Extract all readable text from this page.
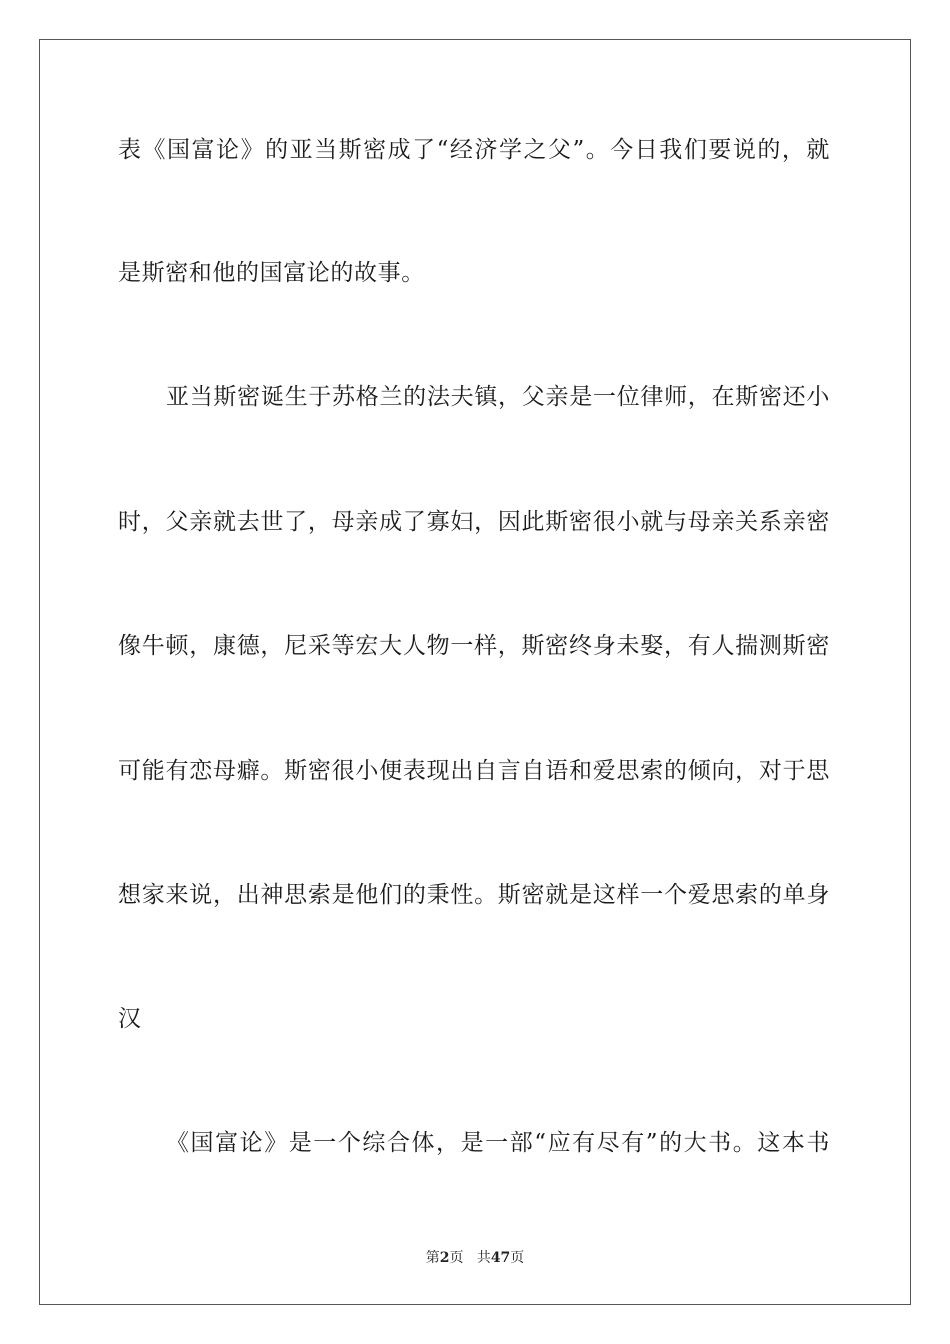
表《国富论》的亚当斯密成了“经济学之父”。今日我们要说的，就
是斯密和他的国富论的故事。
亚当斯密诞生于苏格兰的法夫镇，父亲是一位律师，在斯密还小
时，父亲就去世了，母亲成了寡妇，因此斯密很小就与母亲关系亲密
像牛顿，康德，尼采等宏大人物一样，斯密终身未娶，有人揣测斯密
可能有恋母癖。斯密很小便表现出自言自语和爱思索的倾向，对于思
想家来说，出神思索是他们的秉性。斯密就是这样一个爱思索的单身
汉
《国富论》是一个综合体，是一部“应有尽有”的大书。这本书
第2页 共47页
